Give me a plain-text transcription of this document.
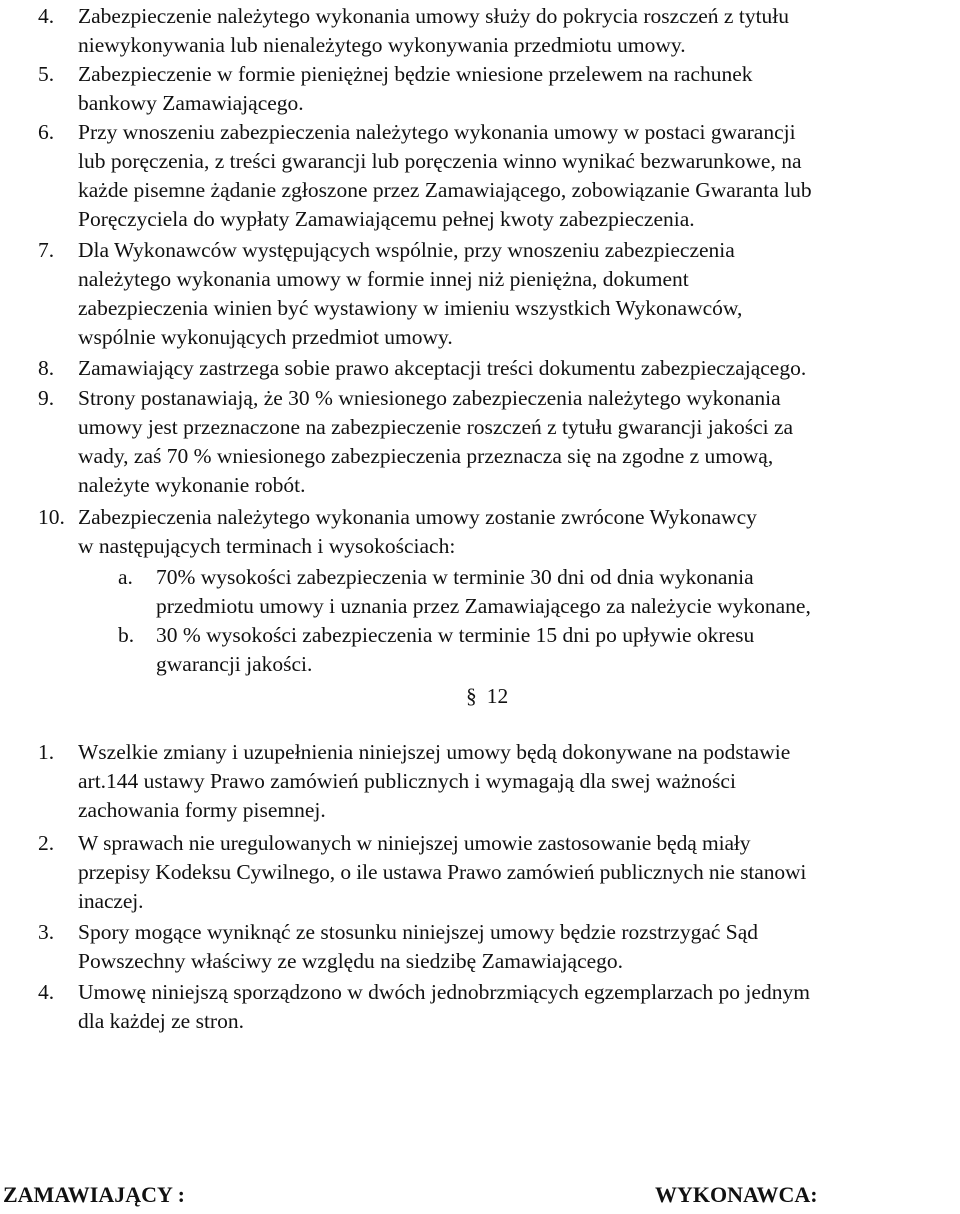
4. Zabezpieczenie należytego wykonania umowy służy do pokrycia roszczeń z tytułu
niewykonywania lub nienależytego wykonywania przedmiotu umowy.
5. Zabezpieczenie w formie pieniężnej będzie wniesione przelewem na rachunek
bankowy Zamawiającego.
6. Przy wnoszeniu zabezpieczenia należytego wykonania umowy w postaci gwarancji
lub poręczenia, z treści gwarancji lub poręczenia winno wynikać bezwarunkowe, na
każde pisemne żądanie zgłoszone przez Zamawiającego, zobowiązanie Gwaranta lub
Poręczyciela do wypłaty Zamawiającemu pełnej kwoty zabezpieczenia.
7. Dla Wykonawców występujących wspólnie, przy wnoszeniu zabezpieczenia
należytego wykonania umowy w formie innej niż pieniężna, dokument
zabezpieczenia winien być wystawiony w imieniu wszystkich Wykonawców,
wspólnie wykonujących przedmiot umowy.
8. Zamawiający zastrzega sobie prawo akceptacji treści dokumentu zabezpieczającego.
9. Strony postanawiają, że 30 % wniesionego zabezpieczenia należytego wykonania
umowy jest przeznaczone na zabezpieczenie roszczeń z tytułu gwarancji jakości za
wady, zaś 70 % wniesionego zabezpieczenia przeznacza się na zgodne z umową,
należyte wykonanie robót.
10. Zabezpieczenia należytego wykonania umowy zostanie zwrócone Wykonawcy
w następujących terminach i wysokościach:
a. 70% wysokości zabezpieczenia w terminie 30 dni od dnia wykonania
przedmiotu umowy i uznania przez Zamawiającego za należycie wykonane,
b. 30 % wysokości zabezpieczenia w terminie 15 dni po upływie okresu
gwarancji jakości.
§ 12
1. Wszelkie zmiany i uzupełnienia niniejszej umowy będą dokonywane na podstawie
art.144 ustawy Prawo zamówień publicznych i wymagają dla swej ważności
zachowania formy pisemnej.
2. W sprawach nie uregulowanych w niniejszej umowie zastosowanie będą miały
przepisy Kodeksu Cywilnego, o ile ustawa Prawo zamówień publicznych nie stanowi
inaczej.
3. Spory mogące wyniknąć ze stosunku niniejszej umowy będzie rozstrzygać Sąd
Powszechny właściwy ze względu na siedzibę Zamawiającego.
4. Umowę niniejszą sporządzono w dwóch jednobrzmiących egzemplarzach po jednym
dla każdej ze stron.
ZAMAWIAJĄCY :	WYKONAWCA:
